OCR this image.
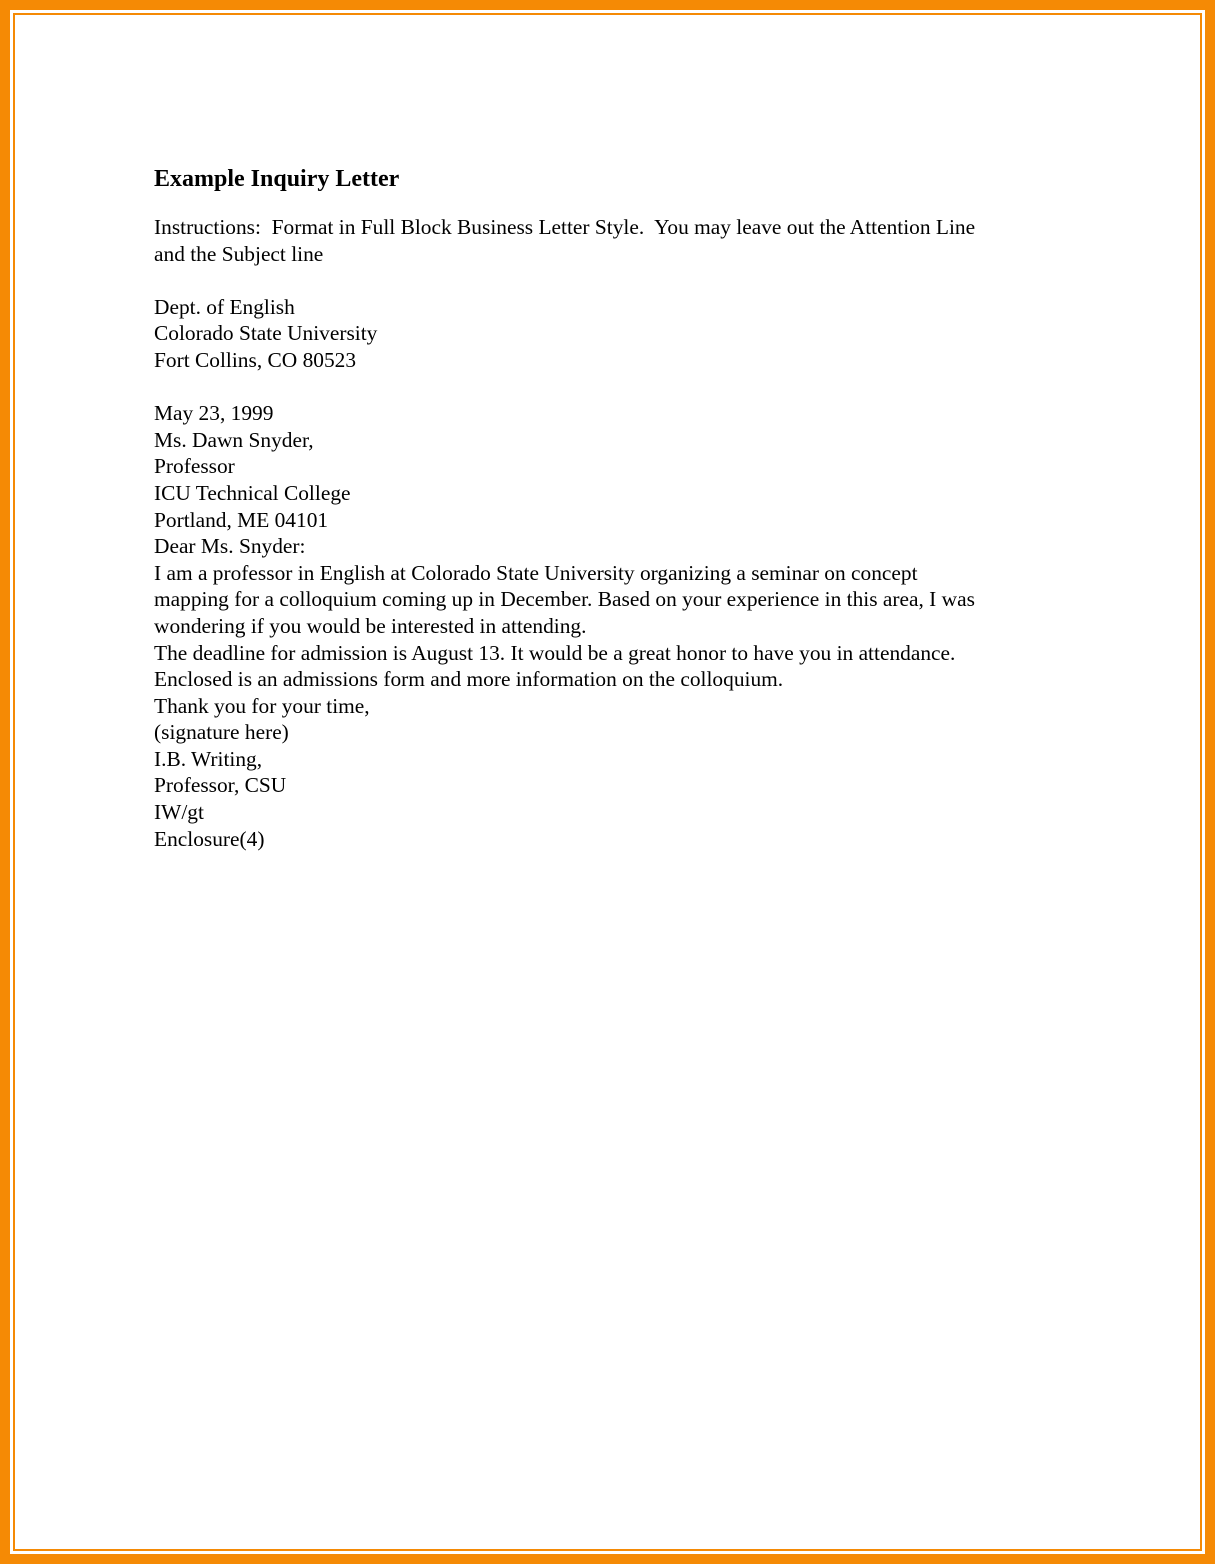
Example Inquiry Letter
Instructions:  Format in Full Block Business Letter Style.  You may leave out the Attention Line
and the Subject line
Dept. of English
Colorado State University
Fort Collins, CO 80523
May 23, 1999
Ms. Dawn Snyder,
Professor
ICU Technical College
Portland, ME 04101
Dear Ms. Snyder:
I am a professor in English at Colorado State University organizing a seminar on concept
mapping for a colloquium coming up in December. Based on your experience in this area, I was
wondering if you would be interested in attending.
The deadline for admission is August 13. It would be a great honor to have you in attendance.
Enclosed is an admissions form and more information on the colloquium.
Thank you for your time,
(signature here)
I.B. Writing,
Professor, CSU
IW/gt
Enclosure(4)
